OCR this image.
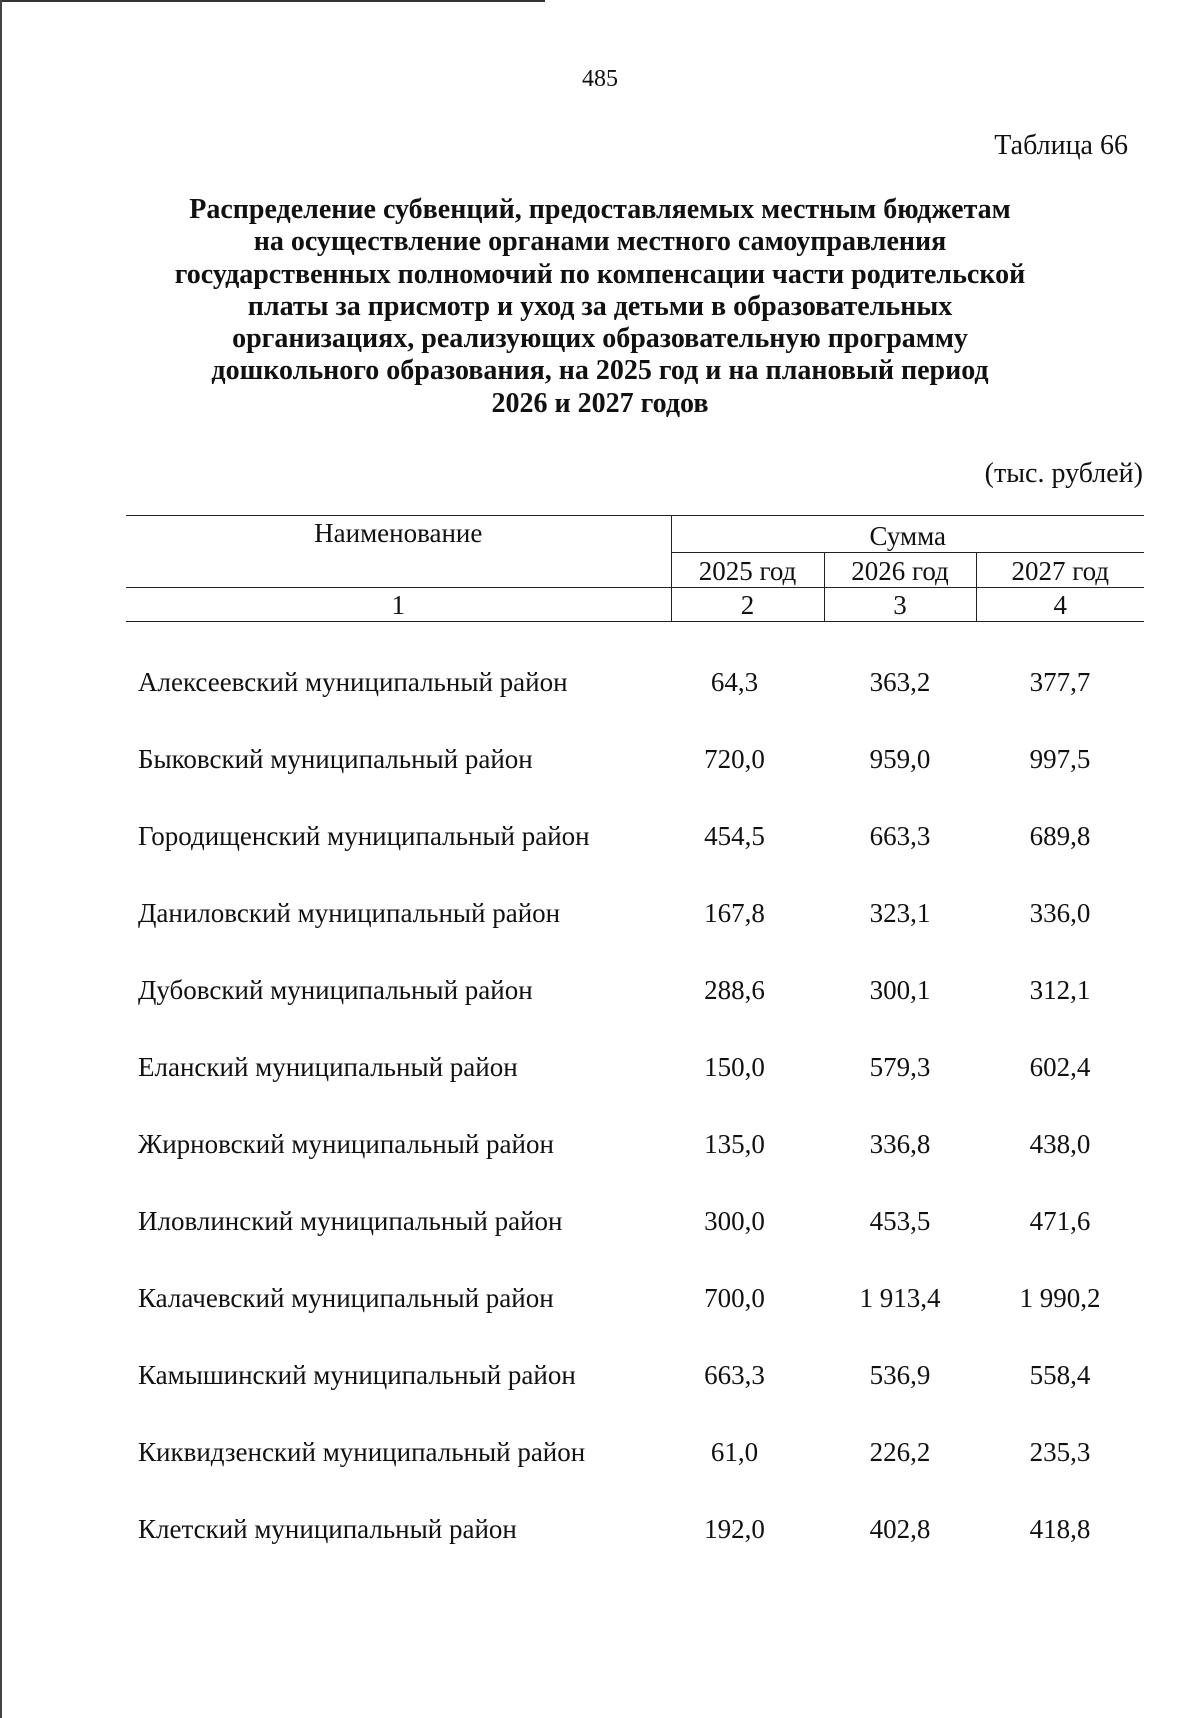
485
Таблица 66
Распределение субвенций, предоставляемых местным бюджетам
на осуществление органами местного самоуправления
государственных полномочий по компенсации части родительской
платы за присмотр и уход за детьми в образовательных
организациях, реализующих образовательную программу
дошкольного образования, на 2025 год и на плановый период
2026 и 2027 годов
(тыс. рублей)
Наименование	Сумма		
	2025 год	2026 год	2027 год
1	2	3	4

Алексеевский муниципальный район	64,3	363,2	377,7
Быковский муниципальный район	720,0	959,0	997,5
Городищенский муниципальный район	454,5	663,3	689,8
Даниловский муниципальный район	167,8	323,1	336,0
Дубовский муниципальный район	288,6	300,1	312,1
Еланский муниципальный район	150,0	579,3	602,4
Жирновский муниципальный район	135,0	336,8	438,0
Иловлинский муниципальный район	300,0	453,5	471,6
Калачевский муниципальный район	700,0	1 913,4	1 990,2
Камышинский муниципальный район	663,3	536,9	558,4
Киквидзенский муниципальный район	61,0	226,2	235,3
Клетский муниципальный район	192,0	402,8	418,8
